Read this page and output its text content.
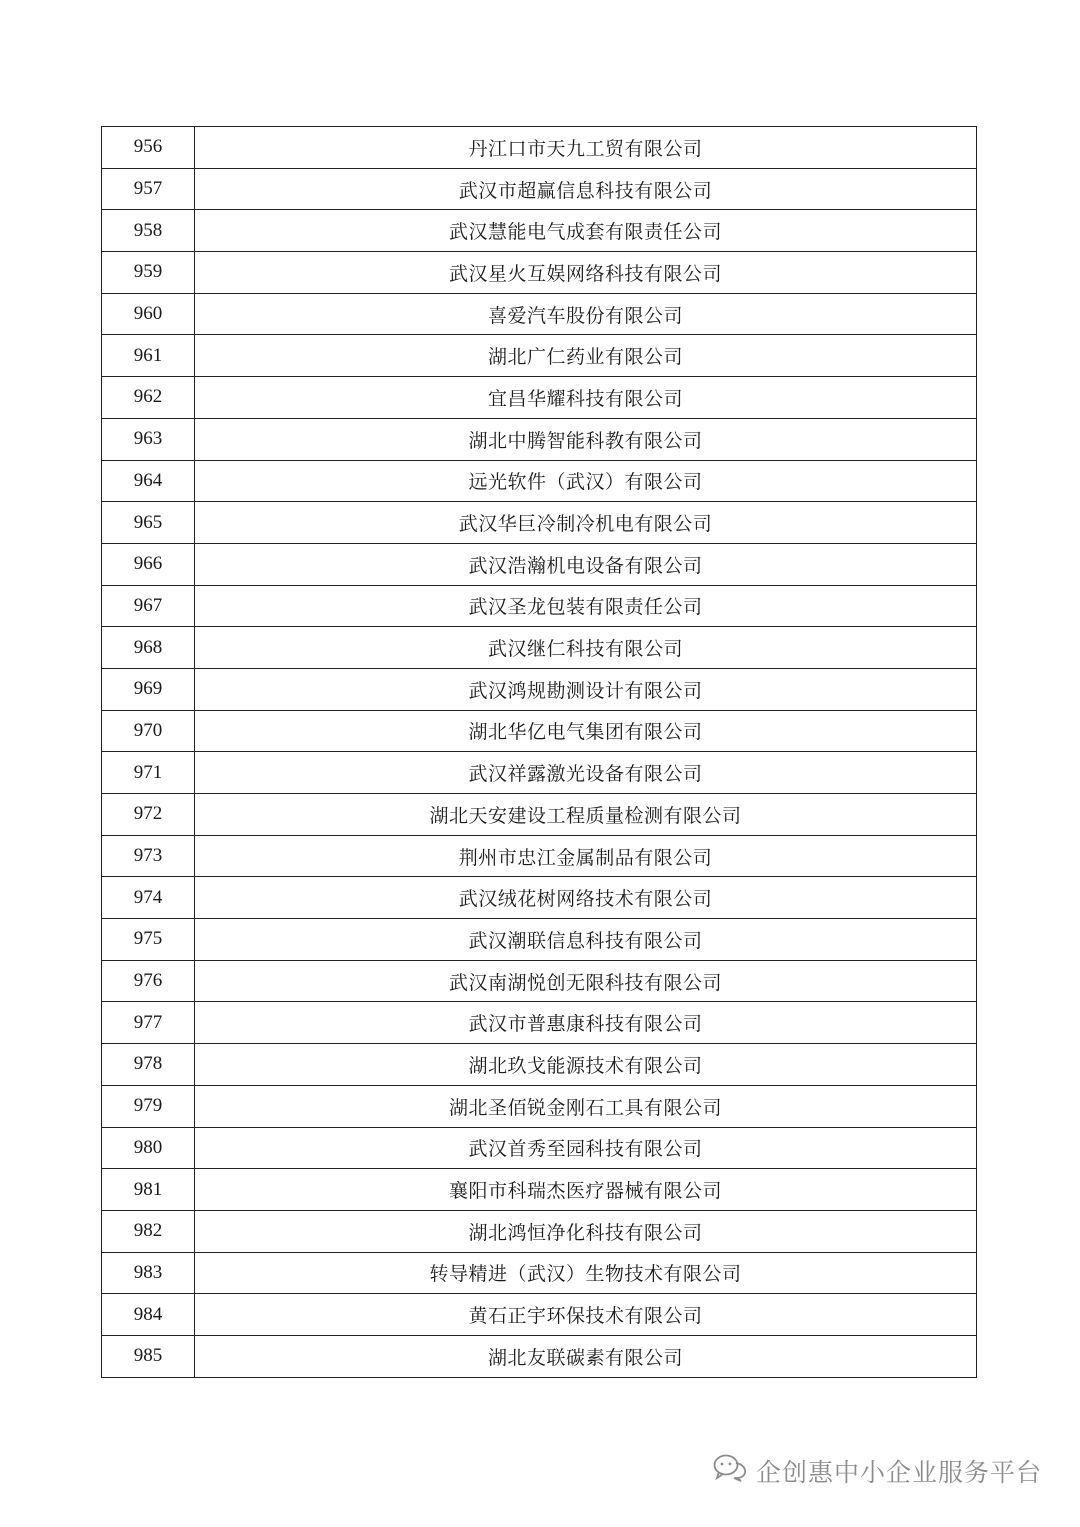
956	丹江口市天九工贸有限公司
957	武汉市超赢信息科技有限公司
958	武汉慧能电气成套有限责任公司
959	武汉星火互娱网络科技有限公司
960	喜爱汽车股份有限公司
961	湖北广仁药业有限公司
962	宜昌华耀科技有限公司
963	湖北中腾智能科教有限公司
964	远光软件（武汉）有限公司
965	武汉华巨冷制冷机电有限公司
966	武汉浩瀚机电设备有限公司
967	武汉圣龙包装有限责任公司
968	武汉继仁科技有限公司
969	武汉鸿规勘测设计有限公司
970	湖北华亿电气集团有限公司
971	武汉祥露激光设备有限公司
972	湖北天安建设工程质量检测有限公司
973	荆州市忠江金属制品有限公司
974	武汉绒花树网络技术有限公司
975	武汉潮联信息科技有限公司
976	武汉南湖悦创无限科技有限公司
977	武汉市普惠康科技有限公司
978	湖北玖戈能源技术有限公司
979	湖北圣佰锐金刚石工具有限公司
980	武汉首秀至园科技有限公司
981	襄阳市科瑞杰医疗器械有限公司
982	湖北鸿恒净化科技有限公司
983	转导精进（武汉）生物技术有限公司
984	黄石正宇环保技术有限公司
985	湖北友联碳素有限公司
企创惠中小企业服务平台
